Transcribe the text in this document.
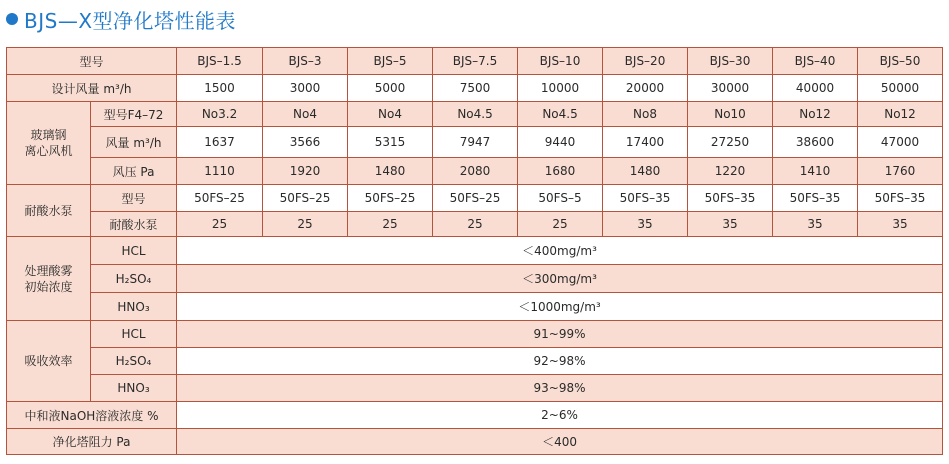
BJS—X型净化塔性能表
型号		BJS–1.5	BJS–3	BJS–5	BJS–7.5	BJS–10	BJS–20	BJS–30	BJS–40	BJS–50
设计风量 m³/h		1500	3000	5000	7500	10000	20000	30000	40000	50000
玻璃钢
离心风机	型号F4–72	No3.2	No4	No4	No4.5	No4.5	No8	No10	No12	No12
	风量 m³/h	1637	3566	5315	7947	9440	17400	27250	38600	47000
	风压 Pa	1110	1920	1480	2080	1680	1480	1220	1410	1760
耐酸水泵	型号	50FS–25	50FS–25	50FS–25	50FS–25	50FS–5	50FS–35	50FS–35	50FS–35	50FS–35
	耐酸水泵	25	25	25	25	25	35	35	35	35
处理酸雾
初始浓度	HCL	＜400mg/m³								
	H₂SO₄	＜300mg/m³								
	HNO₃	＜1000mg/m³								
吸收效率	HCL	91~99%								
	H₂SO₄	92~98%								
	HNO₃	93~98%								
中和液NaOH溶液浓度 %		2~6%								
净化塔阻力 Pa		＜400								
